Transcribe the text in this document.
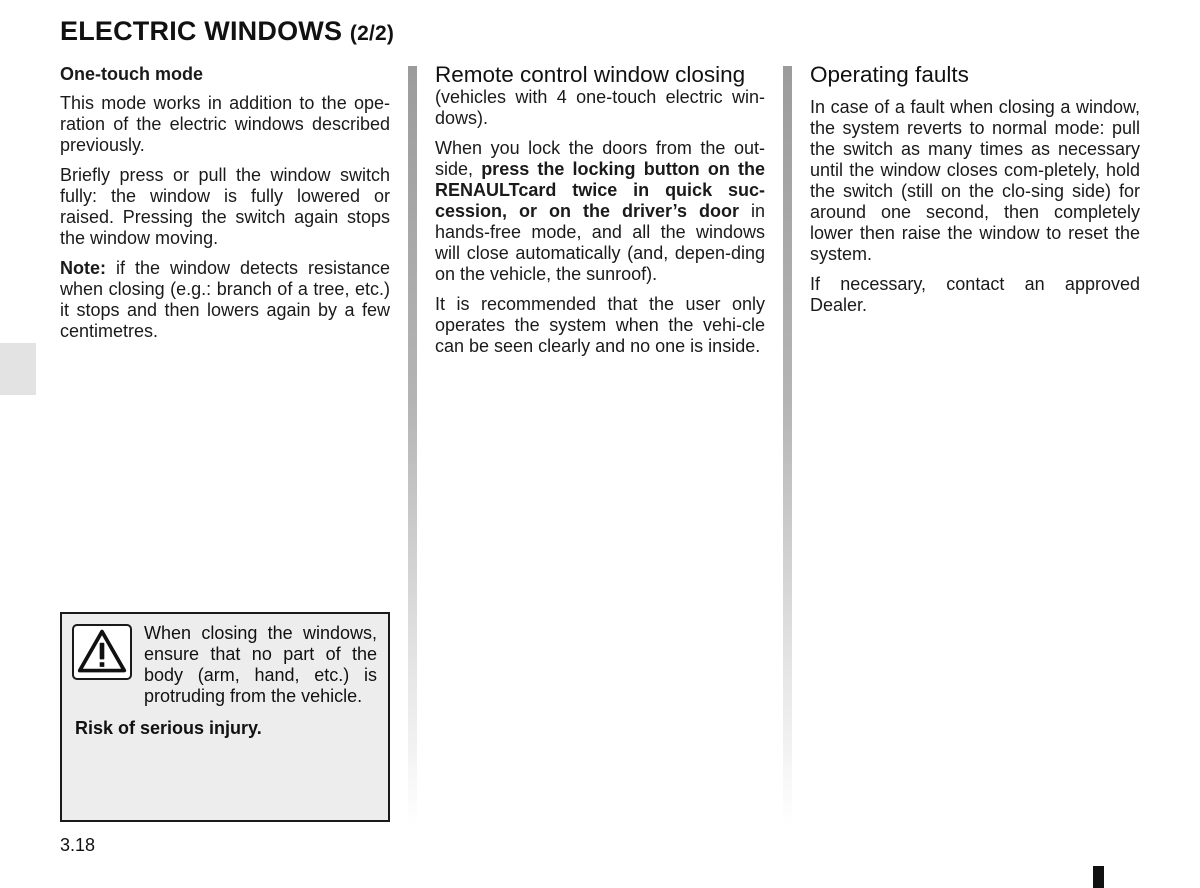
ELECTRIC WINDOWS (2/2)

One-touch mode

This mode works in addition to the ope-ration of the electric windows described previously.

Briefly press or pull the window switch fully: the window is fully lowered or raised. Pressing the switch again stops the window moving.

Note: if the window detects resistance when closing (e.g.: branch of a tree, etc.) it stops and then lowers again by a few centimetres.

Remote control window closing

(vehicles with 4 one-touch electric win-dows).

When you lock the doors from the out-side, press the locking button on the RENAULTcard twice in quick suc-cession, or on the driver’s door in hands-free mode, and all the windows will close automatically (and, depen-ding on the vehicle, the sunroof).

It is recommended that the user only operates the system when the vehi-cle can be seen clearly and no one is inside.

Operating faults

In case of a fault when closing a window, the system reverts to normal mode: pull the switch as many times as necessary until the window closes com-pletely, hold the switch (still on the clo-sing side) for around one second, then completely lower then raise the window to reset the system.

If necessary, contact an approved Dealer.

When closing the windows, ensure that no part of the body (arm, hand, etc.) is protruding from the vehicle.

Risk of serious injury.

3.18
